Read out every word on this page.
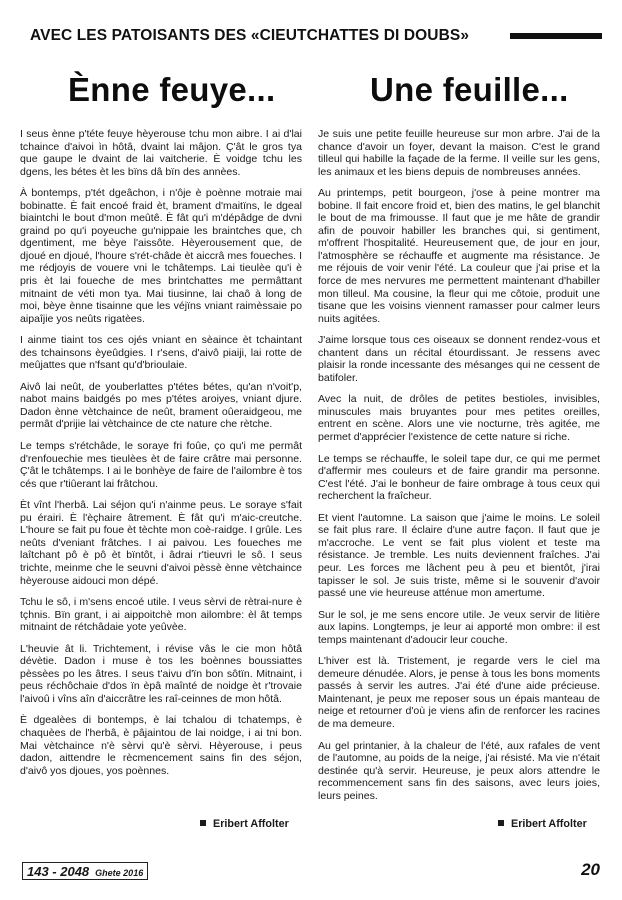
AVEC LES PATOISANTS DES «CIEUTCHATTES DI DOUBS»
Ènne feuye...	Une feuille...

I seus ènne p'téte feuye hèyerouse tchu mon aibre. I ai d'lai tchaince d'aivoi ìn hôtâ, dvaint lai mâjon. Ç'ât le gros tya que gaupe le dvaint de lai vaitcherie. È voidge tchu les dgens, les bétes èt les bïns dâ bïn des annèes.

À bontemps, p'tét dgeâchon, i n'ôje è poènne motraie mai bobinatte. È fait encoé fraid èt, brament d'maitïns, le dgeal biaintchi le bout d'mon meûtê. È fât qu'i m'dépâdge de dvni graind po qu'i poyeuche gu'nippaie les braintches que, ch dgentiment, me bèye l'aissôte. Hèyerousement que, de djoué en djoué, l'houre s'rét-châde èt aiccrâ mes foueches. I me rédjoyis de vouere vni le tchâtemps. Lai tieulèe qu'i è pris èt lai foueche de mes brintchattes me permâttant mitnaint de véti mon tya. Mai tiusinne, lai chaô à long de moi, bèye ènne tisainne que les véjïns vniant raimèssaie po aipaîjie yos neûts rigatèes.

I ainme tiaint tos ces ojés vniant en sèaince èt tchaintant des tchainsons èyeûdgies. I r'sens, d'aivô piaiji, lai rotte de meûjattes que n'fsant qu'd'brioulaie.

Aivô lai neût, de youberlattes p'tétes bétes, qu'an n'voit'p, nabot mains baidgés po mes p'tétes aroiyes, vniant djure. Dadon ènne vètchaince de neût, brament oûeraidgeou, me permât d'prijie lai vètchaince de cte nature che rètche.

Le temps s'rétchâde, le soraye fri foûe, ço qu'i me permât d'renfouechie mes tieulèes èt de faire crâtre mai personne. Ç'ât le tchâtemps. I ai le bonhèye de faire de l'ailombre è tos cés que r'tiûerant lai frâtchou.

Èt vînt l'herbâ. Lai séjon qu'i n'ainme peus. Le soraye s'fait pu érairi. È l'èçhaire âtrement. È fât qu'i m'aic-creutche. L'houre se fait pu foue èt tèchte mon coè-raidge. I grûle. Les neûts d'veniant frâtches. I ai paivou. Les foueches me laîtchant pô è pô èt bïntôt, i âdrai r'tieuvri le sô. I seus trichte, meinme che le seuvni d'aivoi pèssè ènne vètchaince hèyerouse aidouci mon dépé.

Tchu le sô, i m'sens encoé utile. I veus sèrvi de rètrai-nure è tçhnis. Bïn grant, i ai aippoitchè mon ailombre: èl ât temps mitnaint de rétchâdaie yote yeûvèe.

L'heuvie ât li. Trichtement, i révise vâs le cie mon hôtâ dévètie. Dadon i muse è tos les boènnes boussiattes pèssèes po les âtres. I seus t'aivu d'ïn bon sôtïn. Mitnaint, i peus réchôchaie d'dos ïn èpâ maînté de noidge èt r'trovaie l'aivoû i vîns aîn d'aiccrâtre les raî-ceinnes de mon hôtâ.

È dgealèes di bontemps, è lai tchalou di tchatemps, è chaquèes de l'herbâ, è pâjaintou de lai noidge, i ai tni bon. Mai vètchaince n'è sèrvi qu'è sèrvi. Hèyerouse, i peus dadon, aittendre le rècmencement sains fin des séjon, d'aivô yos djoues, yos poènnes.

Je suis une petite feuille heureuse sur mon arbre. J'ai de la chance d'avoir un foyer, devant la maison. C'est le grand tilleul qui habille la façade de la ferme. Il veille sur les gens, les animaux et les biens depuis de nombreuses années.

Au printemps, petit bourgeon, j'ose à peine montrer ma bobine. Il fait encore froid et, bien des matins, le gel blanchit le bout de ma frimousse. Il faut que je me hâte de grandir afin de pouvoir habiller les branches qui, si gentiment, m'offrent l'hospitalité. Heureusement que, de jour en jour, l'atmosphère se réchauffe et augmente ma résistance. Je me réjouis de voir venir l'été. La couleur que j'ai prise et la force de mes nervures me permettent maintenant d'habiller mon tilleul. Ma cousine, la fleur qui me côtoie, produit une tisane que les voisins viennent ramasser pour calmer leurs nuits agitées.

J'aime lorsque tous ces oiseaux se donnent rendez-vous et chantent dans un récital étourdissant. Je ressens avec plaisir la ronde incessante des mésanges qui ne cessent de batifoler.

Avec la nuit, de drôles de petites bestioles, invisibles, minuscules mais bruyantes pour mes petites oreilles, entrent en scène. Alors une vie nocturne, très agitée, me permet d'apprécier l'existence de cette nature si riche.

Le temps se réchauffe, le soleil tape dur, ce qui me permet d'affermir mes couleurs et de faire grandir ma personne. C'est l'été. J'ai le bonheur de faire ombrage à tous ceux qui recherchent la fraîcheur.

Et vient l'automne. La saison que j'aime le moins. Le soleil se fait plus rare. Il éclaire d'une autre façon. Il faut que je m'accroche. Le vent se fait plus violent et teste ma résistance. Je tremble. Les nuits deviennent fraîches. J'ai peur. Les forces me lâchent peu à peu et bientôt, j'irai tapisser le sol. Je suis triste, même si le souvenir d'avoir passé une vie heureuse atténue mon amertume.

Sur le sol, je me sens encore utile. Je veux servir de litière aux lapins. Longtemps, je leur ai apporté mon ombre: il est temps maintenant d'adoucir leur couche.

L'hiver est là. Tristement, je regarde vers le ciel ma demeure dénudée. Alors, je pense à tous les bons moments passés à servir les autres. J'ai été d'une aide précieuse. Maintenant, je peux me reposer sous un épais manteau de neige et retourner d'où je viens afin de renforcer les racines de ma demeure.

Au gel printanier, à la chaleur de l'été, aux rafales de vent de l'automne, au poids de la neige, j'ai résisté. Ma vie n'était destinée qu'à servir. Heureuse, je peux alors attendre le recommencement sans fin des saisons, avec leurs joies, leurs peines.

Eribert Affolter	Eribert Affolter
143 - 2048 Ghete 2016	20
